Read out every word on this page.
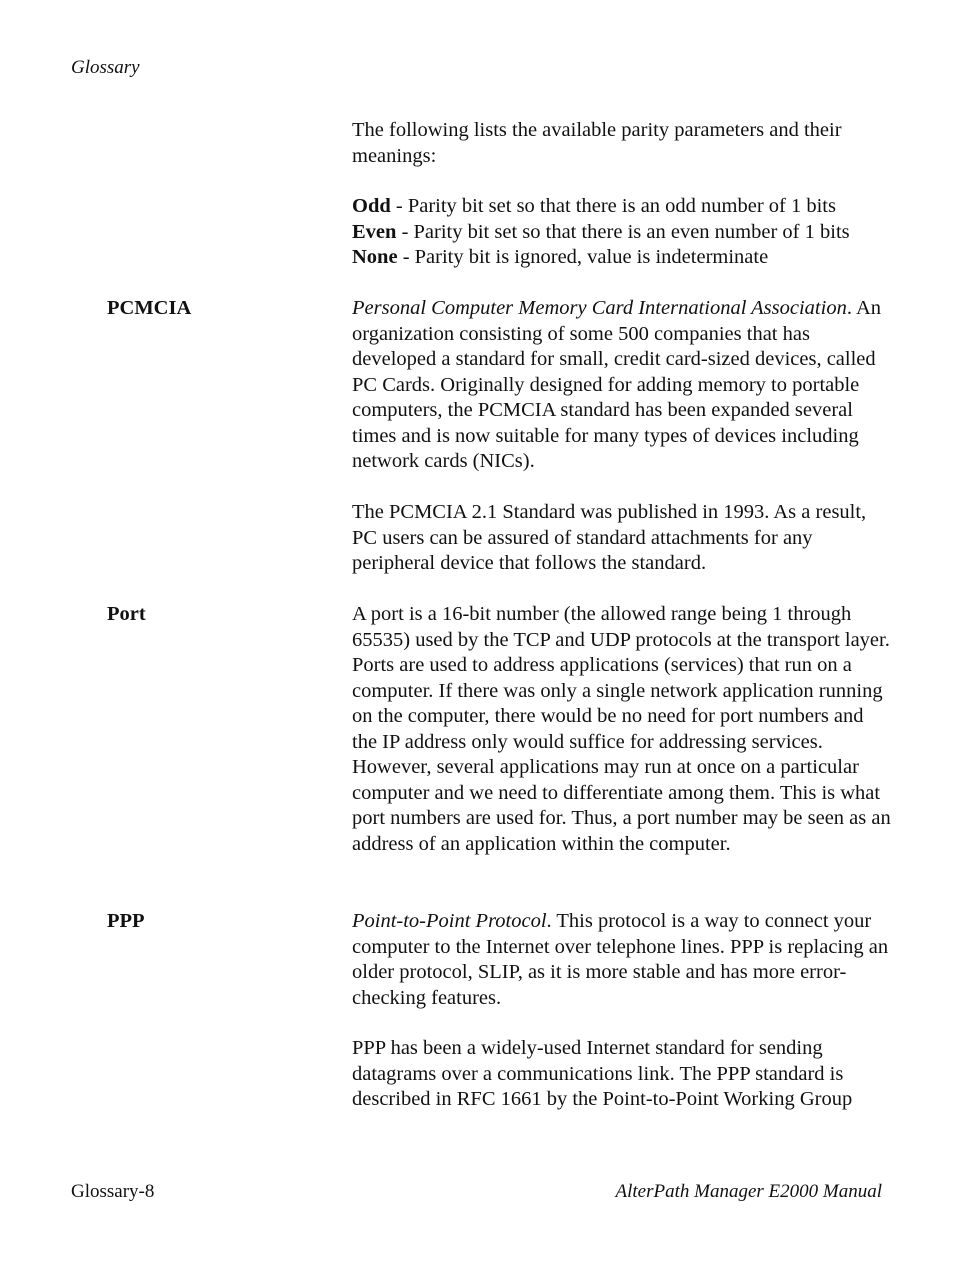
Glossary

The following lists the available parity parameters and their meanings:

Odd - Parity bit set so that there is an odd number of 1 bits

Even - Parity bit set so that there is an even number of 1 bits

None - Parity bit is ignored, value is indeterminate

PCMCIA	Personal Computer Memory Card International Association. An organization consisting of some 500 companies that has developed a standard for small, credit card-sized devices, called PC Cards. Originally designed for adding memory to portable computers, the PCMCIA standard has been expanded several times and is now suitable for many types of devices including network cards (NICs).

The PCMCIA 2.1 Standard was published in 1993. As a result, PC users can be assured of standard attachments for any peripheral device that follows the standard.

Port	A port is a 16-bit number (the allowed range being 1 through 65535) used by the TCP and UDP protocols at the transport layer. Ports are used to address applications (services) that run on a computer. If there was only a single network application running on the computer, there would be no need for port numbers and the IP address only would suffice for addressing services. However, several applications may run at once on a particular computer and we need to differentiate among them. This is what port numbers are used for. Thus, a port number may be seen as an address of an application within the computer.

PPP	Point-to-Point Protocol. This protocol is a way to connect your computer to the Internet over telephone lines. PPP is replacing an older protocol, SLIP, as it is more stable and has more error-checking features.

PPP has been a widely-used Internet standard for sending datagrams over a communications link. The PPP standard is described in RFC 1661 by the Point-to-Point Working Group

Glossary-8	AlterPath Manager E2000 Manual
